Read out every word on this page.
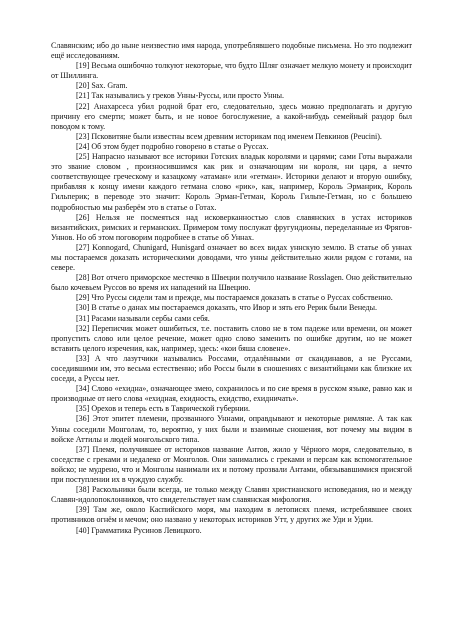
Славянским; ибо до ныне неизвестно имя народа, употреблявшего подобные письмена. Но это подлежит ещё исследованиям.

[19] Весьма ошибочно толкуют некоторые, что будто Шляг означает мелкую монету и происходит от Шиллинга.

[20] Sax. Gram.

[21] Так назывались у греков Унны-Руссы, или просто Унны.

[22] Анахарсеса убил родной брат его, следовательно, здесь можно предполагать и другую причину его смерти; может быть, и не новое богослужение, а какой-нибудь семейный раздор был поводом к тому.

[23] Псковитяне были известны всем древним историкам под именем Певкинов (Peucini).

[24] Об этом будет подробно говорено в статье о Руссах.

[25] Напрасно называют все историки Готских владык королями и царями; сами Готы выражали это звание словом , произносившимся как рик и означающим ни короля, ни царя, а нечто соответствующее греческому и казацкому «атаман» или «гетман». Историки делают и вторую ошибку, прибавляя к концу имени каждого гетмана слово «рик», как, например, Король Эрманрик, Король Гильперик; в переводе это значит: Король Эрман-Гетман, Король Гильпе-Гетман, но с большею подробностью мы разберём это в статье о Готах.

[26] Нельзя не посмеяться над исковерканностью слов славянских в устах историков византийских, римских и германских. Примером тому послужат фругундионы, переделанные из Фрягов-Уннов. Но об этом поговорим подробнее в статье об Уннах.

[27] Konnogard, Chunigard, Hunisgard означает во всех видах уннскую землю. В статье об уннах мы постараемся доказать историческими доводами, что унны действительно жили рядом с готами, на севере.

[28] Вот отчего приморское местечко в Швеции получило название Rosslagen. Оно действительно было кочевьем Руссов во время их нападений на Швецию.

[29] Что Руссы сидели там и прежде, мы постараемся доказать в статье о Руссах собственно.

[30] В статье о данах мы постараемся доказать, что Ивор и зять его Рерик были Венеды.

[31] Расами называли сербы сами себя.

[32] Переписчик может ошибиться, т.е. поставить слово не в том падеже или времени, он может пропустить слово или целое речение, может одно слово заменить по ошибке другим, но не может вставить целого изречения, как, например, здесь: «кои бяша словене».

[33] А что лазутчики назывались Россами, отдалёнными от скандинавов, а не Руссами, соседившими им, это весьма естественно; ибо Россы были в сношениях с византийцами как близкие их соседи, а Руссы нет.

[34] Слово «ехидна», означающее змею, сохранилось и по сие время в русском языке, равно как и производные от него слова «ехидная, ехидность, ехидство, ехидничать».

[35] Орехов и теперь есть в Таврической губернии.

[36] Этот эпитет племени, прозванного Уннами, оправдывают и некоторые римляне. А так как Унны соседили Монголам, то, вероятно, у них были и взаимные сношения, вот почему мы видим в войске Аттилы и людей монгольского типа.

[37] Племя, получившее от историков название Антов, жило у Чёрного моря, следовательно, в соседстве с греками и недалеко от Монголов. Они занимались с греками и персам как вспомогательное войско; не мудрено, что и Монголы нанимали их и потому прозвали Антами, обязывавшимися присягой при поступлении их в чуждую службу.

[38] Раскольники были всегда, не только между Славян христианского исповедания, но и между Славян-идолопоклонников, что свидетельствует нам славянская мифология.

[39] Там же, около Каспийского моря, мы находим в летописях племя, истреблявшее своих противников огнём и мечом; оно названо у некоторых историков Утт, у других же Уди и Удии.

[40] Грамматика Русинов Левицкого.
